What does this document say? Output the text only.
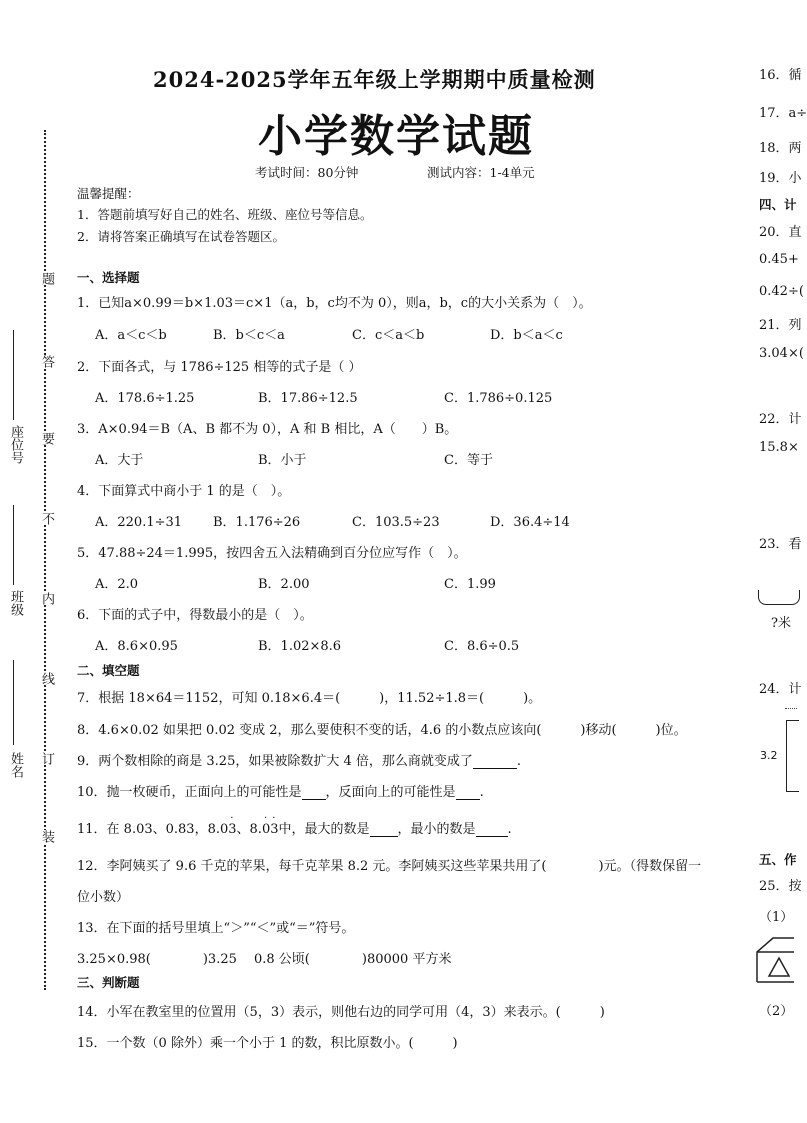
座位号
班级
姓名
题
答
要
不
内
线
订
装
2024-2025学年五年级上学期期中质量检测
小学数学试题
考试时间：80分钟	测试内容：1-4单元
温馨提醒：
1．答题前填写好自己的姓名、班级、座位号等信息。
2．请将答案正确填写在试卷答题区。
一、选择题
1．已知a×0.99＝b×1.03＝c×1（a，b，c均不为 0），则a，b，c的大小关系为（　）。
A．a＜c＜b	B．b＜c＜a	C．c＜a＜b	D．b＜a＜c
2．下面各式，与 1786÷125 相等的式子是（ ）
A．178.6÷1.25	B．17.86÷12.5	C．1.786÷0.125
3．A×0.94＝B（A、B 都不为 0），A 和 B 相比，A（　　）B。
A．大于	B．小于	C．等于
4．下面算式中商小于 1 的是（　）。
A．220.1÷31 B．1.176÷26	C．103.5÷23	D．36.4÷14
5．47.88÷24＝1.995，按四舍五入法精确到百分位应写作（　）。
A．2.0	B．2.00	C．1.99
6．下面的式子中，得数最小的是（　）。
A．8.6×0.95	B．1.02×8.6	C．8.6÷0.5
二、填空题
7．根据 18×64＝1152，可知 0.18×6.4＝(　　　)，11.52÷1.8＝(　　　)。
8．4.6×0.02 如果把 0.02 变成 2，那么要使积不变的话，4.6 的小数点应该向(　　　)移动(　　　)位。
9．两个数相除的商是 3.25，如果被除数扩大 4 倍，那么商就变成了	.
10．抛一枚硬币，正面向上的可能性是 ，反面向上的可能性是 .
11．在 8.03、0.83，8.03
·
、8.0
·
3
·
中，最大的数是 ，最小的数是 .
12．李阿姨买了 9.6 千克的苹果，每千克苹果 8.2 元。李阿姨买这些苹果共用了(　　　　)元。（得数保留一
位小数）
13．在下面的括号里填上“＞”“＜”或“＝”符号。
3.25×0.98(　　　　)3.25　 0.8 公顷(　　　　)80000 平方米
三、判断题
14．小军在教室里的位置用（5，3）表示，则他右边的同学可用（4，3）来表示。(　　　)
15．一个数（0 除外）乘一个小于 1 的数，积比原数小。(　　　)
16．循
17．a÷
18．两
19．小
四、计
20．直
0.45+
0.42÷(
21．列
3.04×(
22．计
15.8×
23．看
?米
24．计
3.2
五、作
25．按
（1）
（2）
